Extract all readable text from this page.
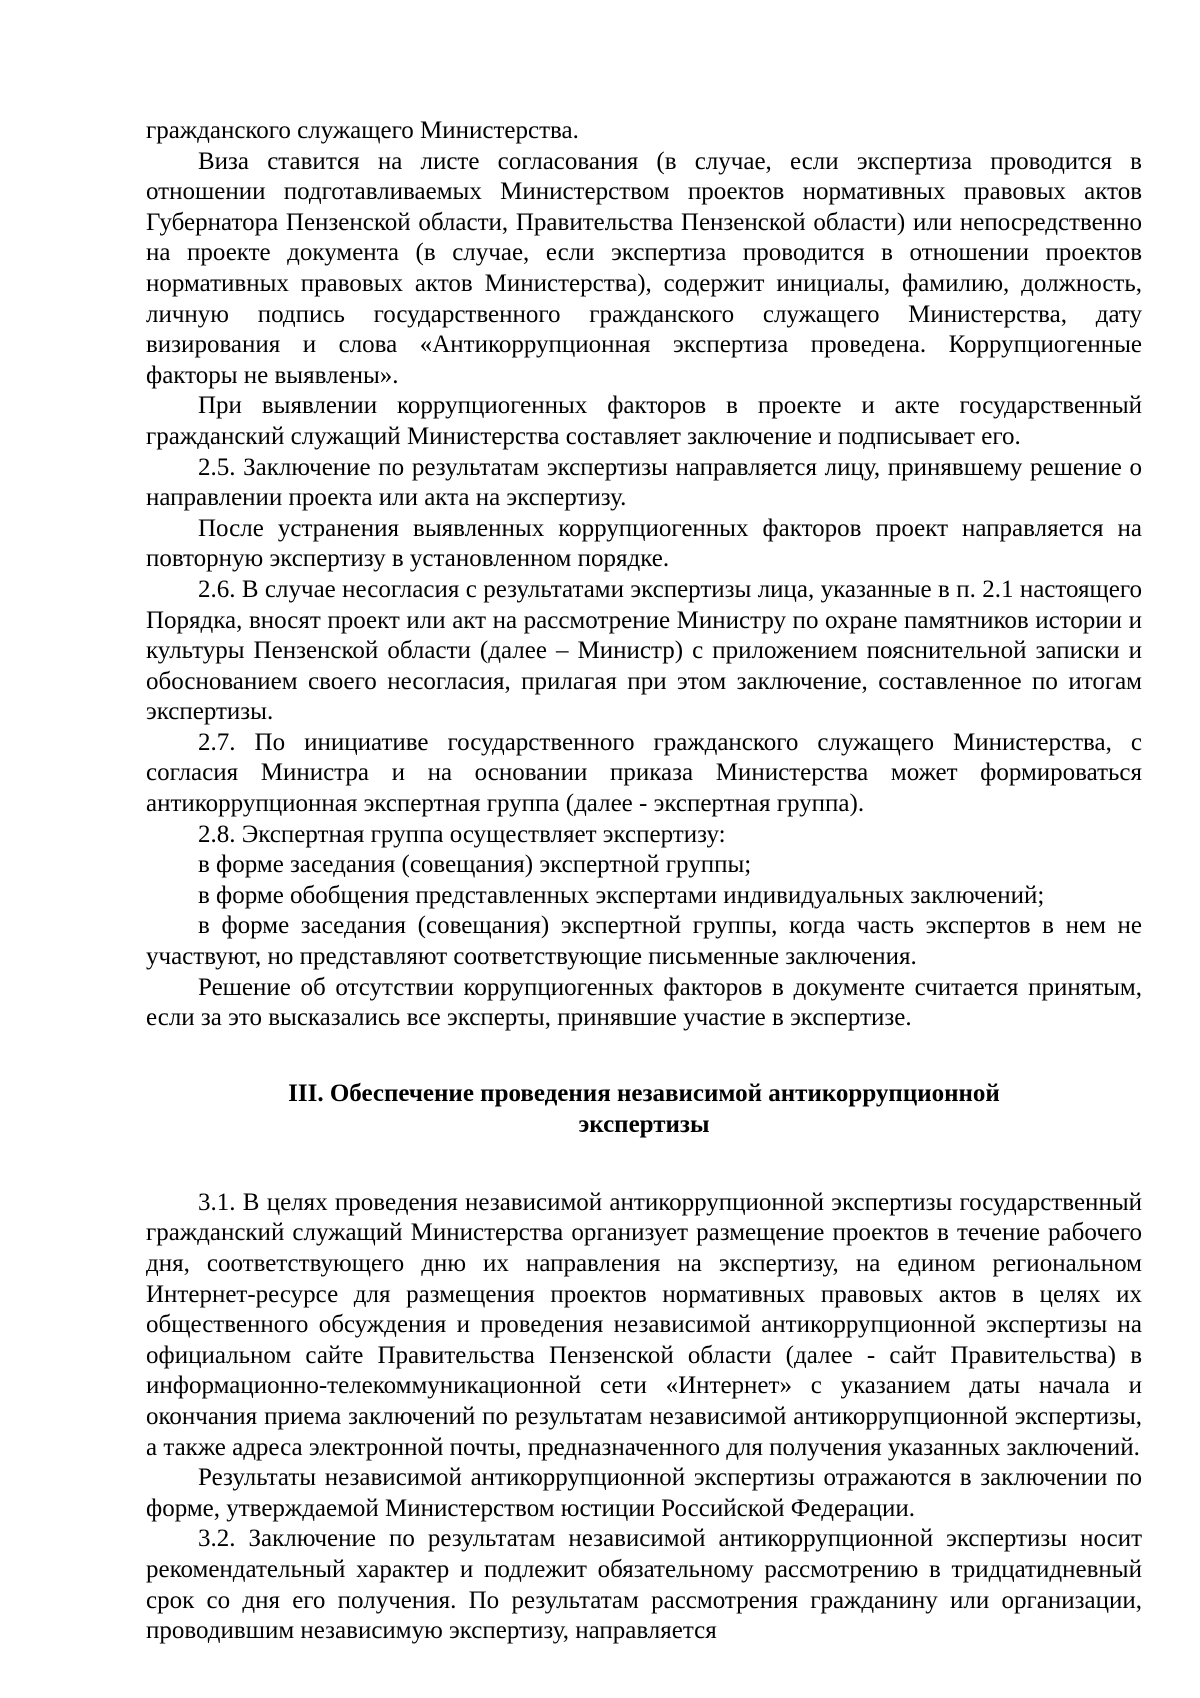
гражданского служащего Министерства.

Виза ставится на листе согласования (в случае, если экспертиза проводится в отношении подготавливаемых Министерством проектов нормативных правовых актов Губернатора Пензенской области, Правительства Пензенской области) или непосредственно на проекте документа (в случае, если экспертиза проводится в отношении проектов нормативных правовых актов Министерства), содержит инициалы, фамилию, должность, личную подпись государственного гражданского служащего Министерства, дату визирования и слова «Антикоррупционная экспертиза проведена. Коррупциогенные факторы не выявлены».

При выявлении коррупциогенных факторов в проекте и акте государственный гражданский служащий Министерства составляет заключение и подписывает его.

2.5. Заключение по результатам экспертизы направляется лицу, принявшему решение о направлении проекта или акта на экспертизу.

После устранения выявленных коррупциогенных факторов проект направляется на повторную экспертизу в установленном порядке.

2.6. В случае несогласия с результатами экспертизы лица, указанные в п. 2.1 настоящего Порядка, вносят проект или акт на рассмотрение Министру по охране памятников истории и культуры Пензенской области (далее – Министр) с приложением пояснительной записки и обоснованием своего несогласия, прилагая при этом заключение, составленное по итогам экспертизы.

2.7. По инициативе государственного гражданского служащего Министерства, с согласия Министра и на основании приказа Министерства может формироваться антикоррупционная экспертная группа (далее - экспертная группа).

2.8. Экспертная группа осуществляет экспертизу:

в форме заседания (совещания) экспертной группы;

в форме обобщения представленных экспертами индивидуальных заключений;

в форме заседания (совещания) экспертной группы, когда часть экспертов в нем не участвуют, но представляют соответствующие письменные заключения.

Решение об отсутствии коррупциогенных факторов в документе считается принятым, если за это высказались все эксперты, принявшие участие в экспертизе.

III. Обеспечение проведения независимой антикоррупционной
экспертизы

3.1. В целях проведения независимой антикоррупционной экспертизы государственный гражданский служащий Министерства организует размещение проектов в течение рабочего дня, соответствующего дню их направления на экспертизу, на едином региональном Интернет-ресурсе для размещения проектов нормативных правовых актов в целях их общественного обсуждения и проведения независимой антикоррупционной экспертизы на официальном сайте Правительства Пензенской области (далее - сайт Правительства) в информационно-телекоммуникационной сети «Интернет» с указанием даты начала и окончания приема заключений по результатам независимой антикоррупционной экспертизы, а также адреса электронной почты, предназначенного для получения указанных заключений.

Результаты независимой антикоррупционной экспертизы отражаются в заключении по форме, утверждаемой Министерством юстиции Российской Федерации.

3.2. Заключение по результатам независимой антикоррупционной экспертизы носит рекомендательный характер и подлежит обязательному рассмотрению в тридцатидневный срок со дня его получения. По результатам рассмотрения гражданину или организации, проводившим независимую экспертизу, направляется
